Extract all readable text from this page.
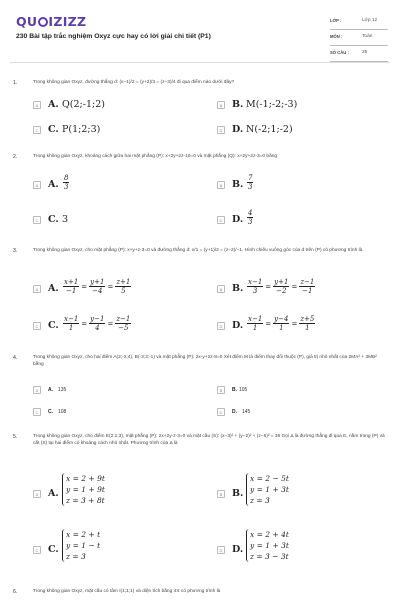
QU IZIZZ
230 Bài tập trắc nghiệm Oxyz cực hay có lời giải chi tiết (P1)
LỚP :	Lớp 12
MÔN :	Toán
SỐ CÂU :	25
1.	Trong không gian Oxyz, đường thẳng d: (x−1)/2 = (y+2)/3 = (z−3)/4 đi qua điểm nào dưới đây?
A A. Q(2;-1;2)	B B. M(-1;-2;-3)
C C. P(1;2;3)	D D. N(-2;1;-2)
2.	Trong không gian Oxyz, khoảng cách giữa hai mặt phẳng (P): x+2y+2z-10=0 và mặt phẳng (Q): x+2y+2z-3=0 bằng
A A. $\frac{8}{3}$	B B. $\frac{7}{3}$
C C. 3	D D. $\frac{4}{3}$
3.	Trong không gian Oxyz, cho mặt phẳng (P): x+y+z-3=0 và đường thẳng d: x/1 = (y+1)/2 = (z−2)/−1. Hình chiếu vuông góc của d trên (P) có phương trình là
A A. $\frac{x+1}{-1} = \frac{y+1}{-4} = \frac{z+1}{5}$	B B. $\frac{x-1}{3} = \frac{y+1}{-2} = \frac{z-1}{-1}$
C C. $\frac{x-1}{1} = \frac{y-1}{4} = \frac{z-1}{-5}$	D D. $\frac{x-1}{1} = \frac{y-4}{1} = \frac{z+5}{1}$
4.	Trong không gian Oxyz, cho hai điểm A(2;-2;4), B(-3;3;-1) và mặt phẳng (P): 2x-y+2z-8=0 Xét điểm M là điểm thay đổi thuộc (P), giá trị nhỏ nhất của 2MA² + 3MB² bằng
A	A. 135	B	B. 105
C	C. 108	D	D. 145
5.	Trong không gian Oxyz, cho điểm E(2;1;3), mặt phẳng (P): 2x+2y-z-3=0 và mặt cầu (S): (x−3)² + (y−2)² + (z−5)² = 36 Gọi Δ là đường thẳng đi qua E, nằm trong (P) và cắt (S) tại hai điểm có khoảng cách nhỏ nhất. Phương trình của Δ là
A A.
x = 2 + 9t
y = 1 + 9t
z = 3 + 8t
B B.
x = 2 − 5t
y = 1 + 3t
z = 3
C C.
x = 2 + t
y = 1 − t
z = 3
D D.
x = 2 + 4t
y = 1 + 3t
z = 3 − 3t
6.	Trong không gian Oxyz, mặt cầu có tâm I(1;1;1) và diện tích bằng 4π có phương trình là
